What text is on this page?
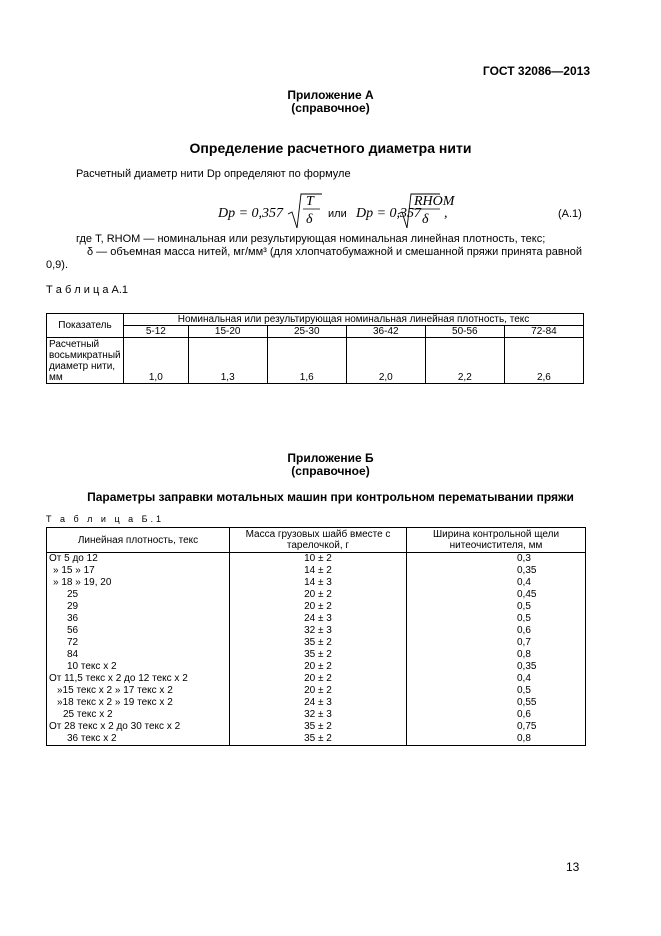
ГОСТ 32086—2013
Приложение А
(справочное)
Определение расчетного диаметра нити
Расчетный диаметр нити Dр определяют по формуле
Dр = 0,357
T
δ или Dр = 0,357
RНОМ
δ ,	(А.1)
где T, RНОМ — номинальная или результирующая номинальная линейная плотность, текс;
δ — объемная масса нитей, мг/мм³ (для хлопчатобумажной и смешанной пряжи принята равной
0,9).
Т а б л и ц а А.1
Показатель	Номинальная или результирующая номинальная линейная плотность, текс					
	5-12	15-20	25-30	36-42	50-56	72-84
Расчетный восьмикратный диаметр нити, мм	1,0	1,3	1,6	2,0	2,2	2,6
Приложение Б
(справочное)
Параметры заправки мотальных машин при контрольном перематывании пряжи
Т а б л и ц а Б.1
Линейная плотность, текс	Масса грузовых шайб вместе с тарелочкой, г	Ширина контрольной щели нитеочистителя, мм
От 5 до 12	10 ± 2	0,3
» 15 » 17	14 ± 2	0,35
» 18 » 19, 20	14 ± 3	0,4
25	20 ± 2	0,45
29	20 ± 2	0,5
36	24 ± 3	0,5
56	32 ± 3	0,6
72	35 ± 2	0,7
84	35 ± 2	0,8
10 текс х 2	20 ± 2	0,35
От 11,5 текс х 2 до 12 текс х 2	20 ± 2	0,4
»15 текс х 2 » 17 текс х 2	20 ± 2	0,5
»18 текс х 2 » 19 текс х 2	24 ± 3	0,55
25 текс х 2	32 ± 3	0,6
От 28 текс х 2 до 30 текс х 2	35 ± 2	0,75
36 текс х 2	35 ± 2	0,8
13
